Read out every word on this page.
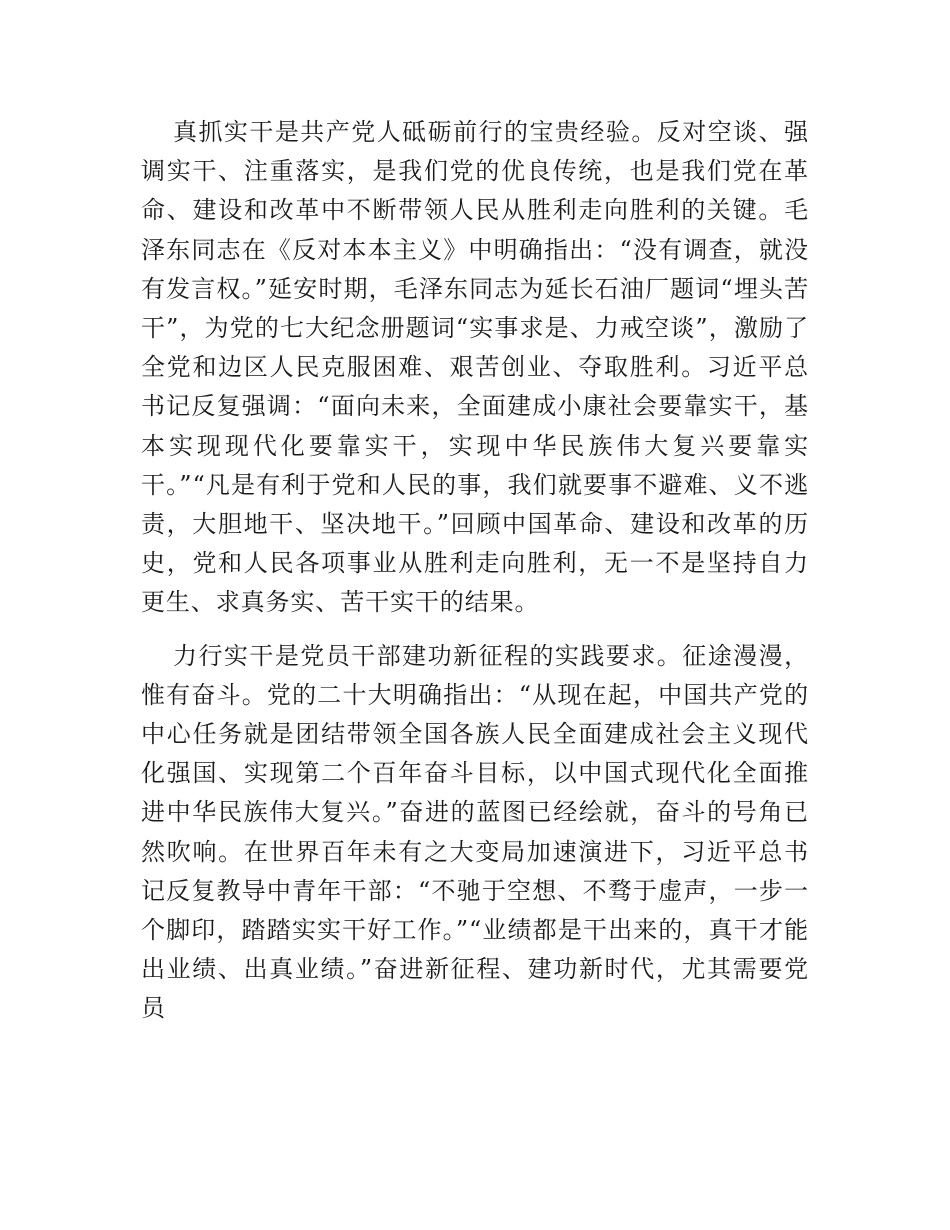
真抓实干是共产党人砥砺前行的宝贵经验。反对空谈、强调实干、注重落实，是我们党的优良传统，也是我们党在革命、建设和改革中不断带领人民从胜利走向胜利的关键。毛泽东同志在《反对本本主义》中明确指出：“没有调查，就没有发言权。”延安时期，毛泽东同志为延长石油厂题词“埋头苦干”，为党的七大纪念册题词“实事求是、力戒空谈”，激励了全党和边区人民克服困难、艰苦创业、夺取胜利。习近平总书记反复强调：“面向未来，全面建成小康社会要靠实干，基本实现现代化要靠实干，实现中华民族伟大复兴要靠实干。”“凡是有利于党和人民的事，我们就要事不避难、义不逃责，大胆地干、坚决地干。”回顾中国革命、建设和改革的历史，党和人民各项事业从胜利走向胜利，无一不是坚持自力更生、求真务实、苦干实干的结果。

力行实干是党员干部建功新征程的实践要求。征途漫漫，惟有奋斗。党的二十大明确指出：“从现在起，中国共产党的中心任务就是团结带领全国各族人民全面建成社会主义现代化强国、实现第二个百年奋斗目标，以中国式现代化全面推进中华民族伟大复兴。”奋进的蓝图已经绘就，奋斗的号角已然吹响。在世界百年未有之大变局加速演进下，习近平总书记反复教导中青年干部：“不驰于空想、不骛于虚声，一步一个脚印，踏踏实实干好工作。”“业绩都是干出来的，真干才能出业绩、出真业绩。”奋进新征程、建功新时代，尤其需要党员
